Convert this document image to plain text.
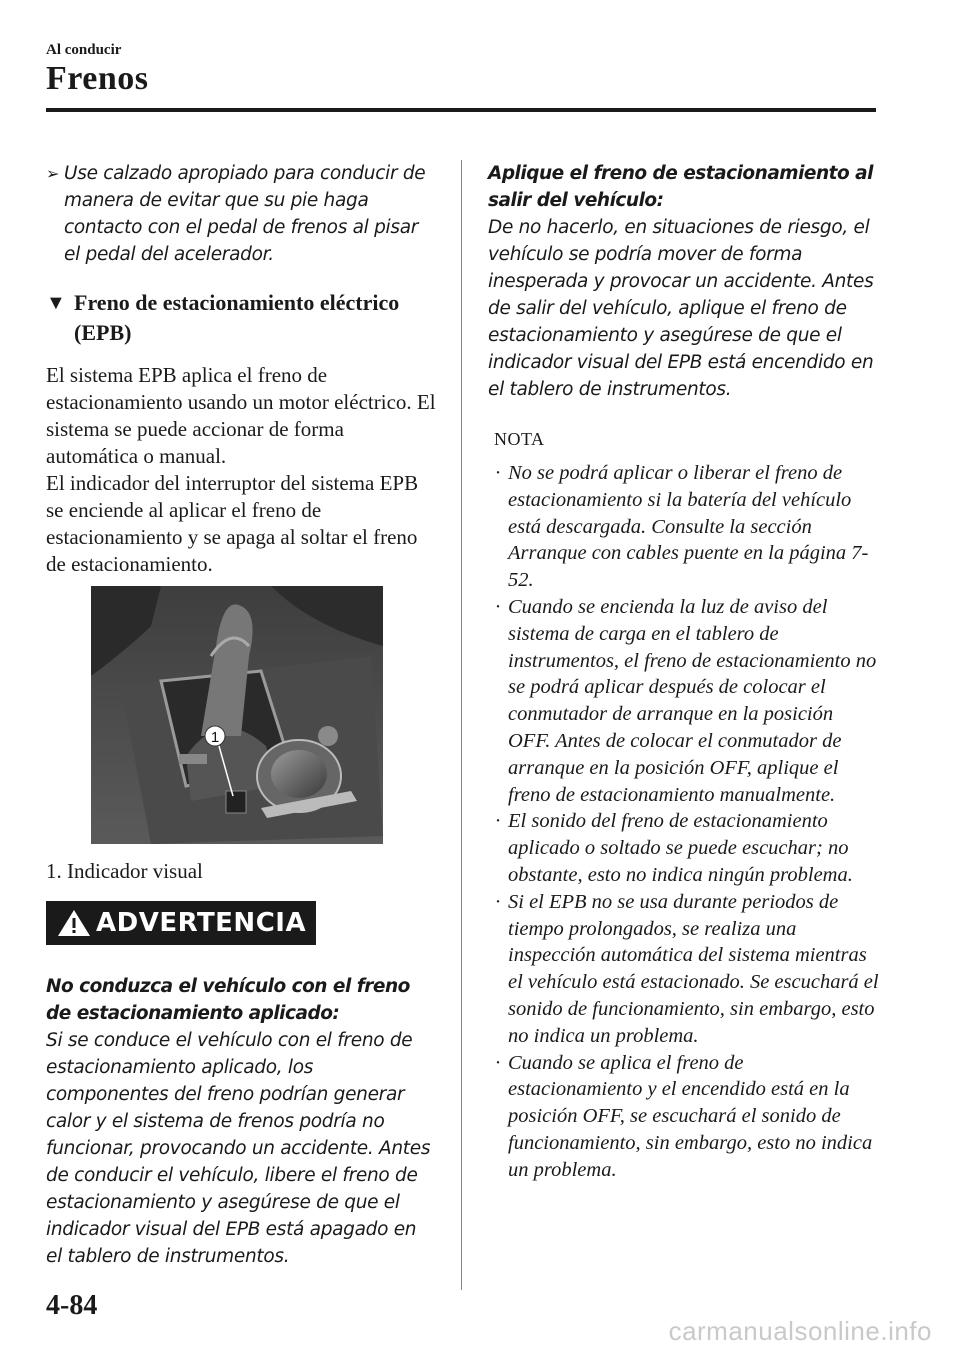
Al conducir
Frenos
➢ Use calzado apropiado para conducir de manera de evitar que su pie haga contacto con el pedal de frenos al pisar el pedal del acelerador.
▼ Freno de estacionamiento eléctrico
(EPB)
El sistema EPB aplica el freno de estacionamiento usando un motor eléctrico. El sistema se puede accionar de forma automática o manual.
El indicador del interruptor del sistema EPB se enciende al aplicar el freno de estacionamiento y se apaga al soltar el freno de estacionamiento.
1
1. Indicador visual
ADVERTENCIA
No conduzca el vehículo con el freno de estacionamiento aplicado:
Si se conduce el vehículo con el freno de estacionamiento aplicado, los componentes del freno podrían generar calor y el sistema de frenos podría no funcionar, provocando un accidente. Antes de conducir el vehículo, libere el freno de estacionamiento y asegúrese de que el indicador visual del EPB está apagado en el tablero de instrumentos.
Aplique el freno de estacionamiento al salir del vehículo:
De no hacerlo, en situaciones de riesgo, el vehículo se podría mover de forma inesperada y provocar un accidente. Antes de salir del vehículo, aplique el freno de estacionamiento y asegúrese de que el indicador visual del EPB está encendido en el tablero de instrumentos.
NOTA
· No se podrá aplicar o liberar el freno de estacionamiento si la batería del vehículo está descargada. Consulte la sección Arranque con cables puente en la página 7-52.
· Cuando se encienda la luz de aviso del sistema de carga en el tablero de instrumentos, el freno de estacionamiento no se podrá aplicar después de colocar el conmutador de arranque en la posición OFF. Antes de colocar el conmutador de arranque en la posición OFF, aplique el freno de estacionamiento manualmente.
· El sonido del freno de estacionamiento aplicado o soltado se puede escuchar; no obstante, esto no indica ningún problema.
· Si el EPB no se usa durante periodos de tiempo prolongados, se realiza una inspección automática del sistema mientras el vehículo está estacionado. Se escuchará el sonido de funcionamiento, sin embargo, esto no indica un problema.
· Cuando se aplica el freno de estacionamiento y el encendido está en la posición OFF, se escuchará el sonido de funcionamiento, sin embargo, esto no indica un problema.
4-84
carmanualsonline.info
